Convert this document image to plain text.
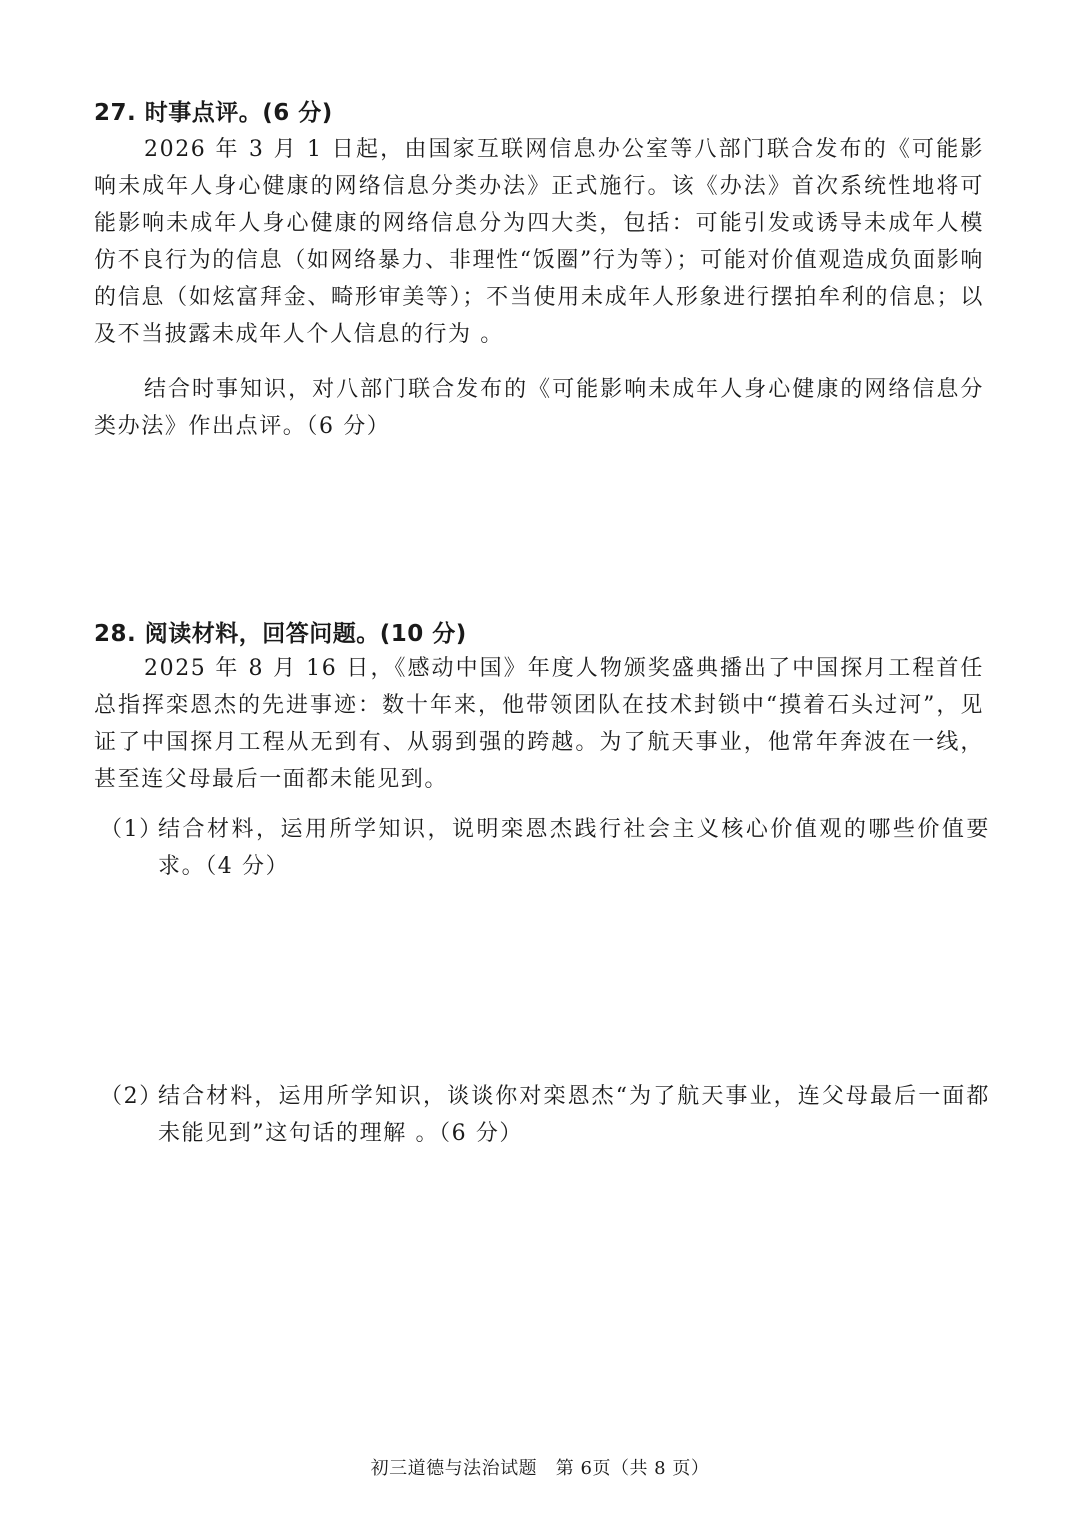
27. 时事点评。(6 分)

2026 年 3 月 1 日起，由国家互联网信息办公室等八部门联合发布的《可能影响未成年人身心健康的网络信息分类办法》正式施行。该《办法》首次系统性地将可能影响未成年人身心健康的网络信息分为四大类，包括：可能引发或诱导未成年人模仿不良行为的信息（如网络暴力、非理性“饭圈”行为等）；可能对价值观造成负面影响的信息（如炫富拜金、畸形审美等）；不当使用未成年人形象进行摆拍牟利的信息；以及不当披露未成年人个人信息的行为 。

结合时事知识，对八部门联合发布的《可能影响未成年人身心健康的网络信息分类办法》作出点评。（6 分）

28. 阅读材料，回答问题。(10 分)

2025 年 8 月 16 日，《感动中国》年度人物颁奖盛典播出了中国探月工程首任总指挥栾恩杰的先进事迹：数十年来，他带领团队在技术封锁中“摸着石头过河”，见证了中国探月工程从无到有、从弱到强的跨越。为了航天事业，他常年奔波在一线，甚至连父母最后一面都未能见到。

（1）
结合材料，运用所学知识，说明栾恩杰践行社会主义核心价值观的哪些价值要求。（4 分）
（2）
结合材料，运用所学知识，谈谈你对栾恩杰“为了航天事业，连父母最后一面都未能见到”这句话的理解 。（6 分）
初三道德与法治试题   第 6页（共 8 页）
